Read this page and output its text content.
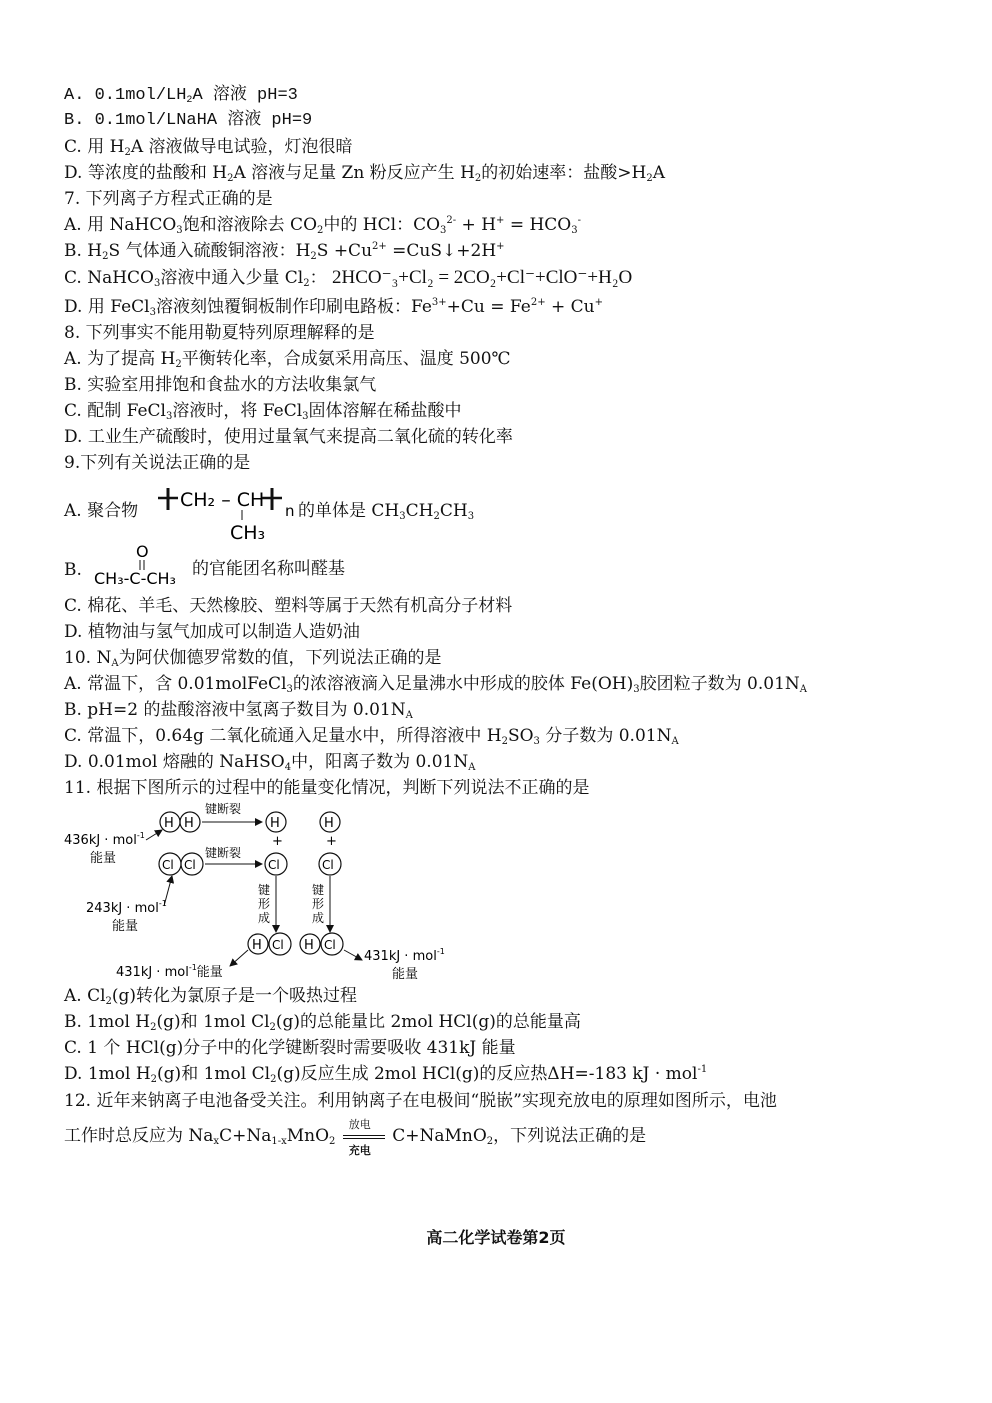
A. $0.1mol/LH_2A$ 溶液 pH=3
B. 0.1mol/LNaHA 溶液 pH=9
C. 用 $H_2A$ 溶液做导电试验，灯泡很暗
D. 等浓度的盐酸和 $H_2A$ 溶液与足量 Zn 粉反应产生 $H_2$的初始速率：盐酸$>H_2A$
7. 下列离子方程式正确的是
A. 用 NaHCO$_3$饱和溶液除去 $CO_2$中的 HCl：$CO_3^{2-} + H^+ = HCO_3^-$
B. $H_2S$ 气体通入硫酸铜溶液：$H_2S +Cu^{2+}$ =CuS↓+2H+
C. NaHCO$_3$溶液中通入少量 $Cl_2$： 2HCO⁻₃+Cl₂ = 2CO₂+Cl⁻+ClO⁻+H₂O
D. 用 FeCl$_3$溶液刻蚀覆铜板制作印刷电路板：$Fe^{3+}+Cu = Fe^{2+} + Cu^+$
8. 下列事实不能用勒夏特列原理解释的是
A. 为了提高 $H_2$平衡转化率，合成氨采用高压、温度 500℃
B. 实验室用排饱和食盐水的方法收集氯气
C. 配制 FeCl$_3$溶液时，将 FeCl$_3$固体溶解在稀盐酸中
D. 工业生产硫酸时，使用过量氧气来提高二氧化硫的转化率
9.下列有关说法正确的是
A. 聚合物 CH₂ – CH n
CH₃
的单体是 $CH_3CH_2CH_3$
B.
O
CH₃-C-CH₃ 的官能团名称叫醛基
C. 棉花、羊毛、天然橡胶、塑料等属于天然有机高分子材料
D. 植物油与氢气加成可以制造人造奶油
10. $N_A$为阿伏伽德罗常数的值，下列说法正确的是
A. 常温下，含 0.01molFeCl$_3$的浓溶液滴入足量沸水中形成的胶体 $Fe(OH)_3$胶团粒子数为 $0.01N_A$
B. pH=2 的盐酸溶液中氢离子数目为 $0.01N_A$
C. 常温下，0.64g 二氧化硫通入足量水中，所得溶液中 $H_2SO_3$ 分子数为 $0.01N_A$
D. 0.01mol 熔融的 NaHSO$_4$中，阳离子数为 $0.01N_A$
11. 根据下图所示的过程中的能量变化情况，判断下列说法不正确的是
H H
键断裂
H
+
H
+
436kJ · mol$^{-1}$
能量	Cl Cl
键断裂
Cl	Cl
243kJ · mol$^{-1}$
能量
键
形
成
键
形
成
H Cl H Cl
431kJ · mol$^{-1}$能量
431kJ · mol$^{-1}$
能量
A. $Cl_2(g)$转化为氯原子是一个吸热过程
B. 1mol $H_2(g)$和 1mol $Cl_2(g)$的总能量比 2mol HCl(g)的总能量高
C. 1 个 HCl(g)分子中的化学键断裂时需要吸收 431kJ 能量
D. 1mol $H_2(g)$和 1mol $Cl_2(g)$反应生成 2mol HCl(g)的反应热ΔH=-183 kJ · mol$^{-1}$
12. 近年来钠离子电池备受关注。利用钠离子在电极间“脱嵌”实现充放电的原理如图所示，电池
工作时总反应为 $Na_xC+Na_{1-x}MnO_2$
放电
充电
C+NaMnO$_2$，下列说法正确的是
高二化学试卷第2页
